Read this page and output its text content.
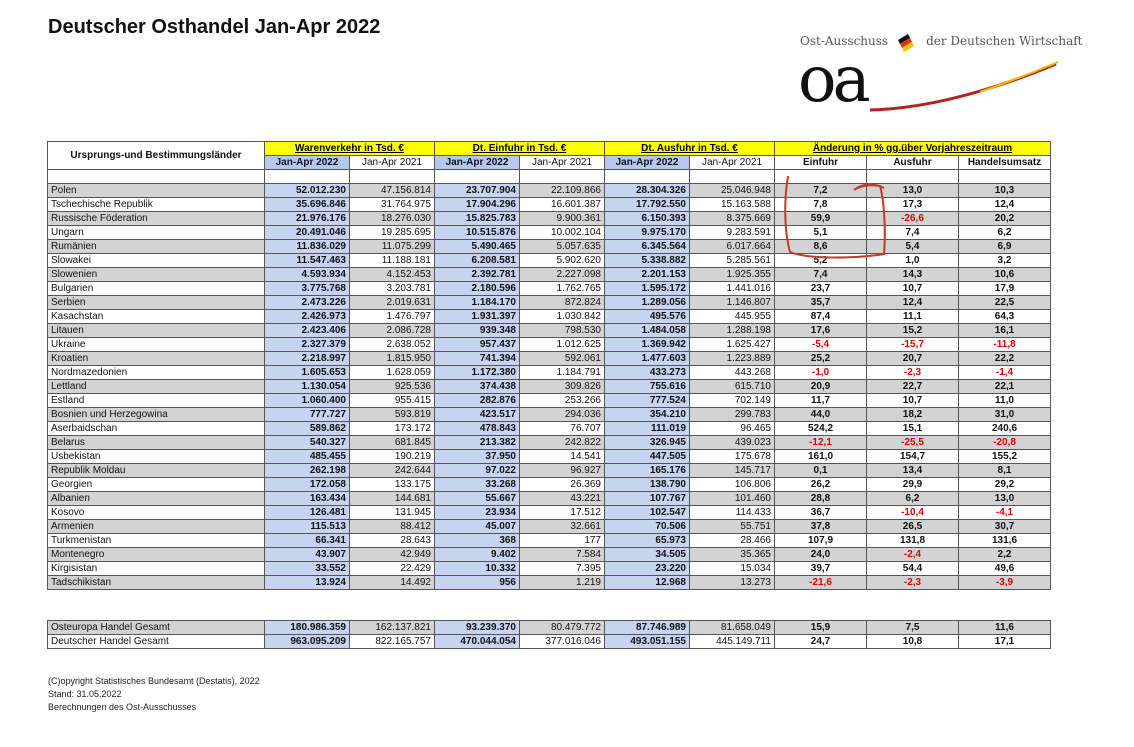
Deutscher Osthandel Jan-Apr 2022
Ost-Ausschuss	der Deutschen Wirtschaft
oa
Ursprungs-und Bestimmungsländer	Warenverkehr in Tsd. €		Dt. Einfuhr in Tsd. €		Dt. Ausfuhr in Tsd. €		Änderung in % gg.über Vorjahreszeitraum		
	Jan-Apr 2022	Jan-Apr 2021	Jan-Apr 2022	Jan-Apr 2021	Jan-Apr 2022	Jan-Apr 2021	Einfuhr	Ausfuhr	Handelsumsatz

Polen	52.012.230	47.156.814	23.707.904	22.109.866	28.304.326	25.046.948	7,2	13,0	10,3
Tschechische Republik	35.696.846	31.764.975	17.904.296	16.601.387	17.792.550	15.163.588	7,8	17,3	12,4
Russische Föderation	21.976.176	18.276.030	15.825.783	9.900.361	6.150.393	8.375.669	59,9	-26,6	20,2
Ungarn	20.491.046	19.285.695	10.515.876	10.002.104	9.975.170	9.283.591	5,1	7,4	6,2
Rumänien	11.836.029	11.075.299	5.490.465	5.057.635	6.345.564	6.017.664	8,6	5,4	6,9
Slowakei	11.547.463	11.188.181	6.208.581	5.902.620	5.338.882	5.285.561	5,2	1,0	3,2
Slowenien	4.593.934	4.152.453	2.392.781	2.227.098	2.201.153	1.925.355	7,4	14,3	10,6
Bulgarien	3.775.768	3.203.781	2.180.596	1.762.765	1.595.172	1.441.016	23,7	10,7	17,9
Serbien	2.473.226	2.019.631	1.184.170	872.824	1.289.056	1.146.807	35,7	12,4	22,5
Kasachstan	2.426.973	1.476.797	1.931.397	1.030.842	495.576	445.955	87,4	11,1	64,3
Litauen	2.423.406	2.086.728	939.348	798.530	1.484.058	1.288.198	17,6	15,2	16,1
Ukraine	2.327.379	2.638.052	957.437	1.012.625	1.369.942	1.625.427	-5,4	-15,7	-11,8
Kroatien	2.218.997	1.815.950	741.394	592.061	1.477.603	1.223.889	25,2	20,7	22,2
Nordmazedonien	1.605.653	1.628.059	1.172.380	1.184.791	433.273	443.268	-1,0	-2,3	-1,4
Lettland	1.130.054	925.536	374.438	309.826	755.616	615.710	20,9	22,7	22,1
Estland	1.060.400	955.415	282.876	253.266	777.524	702.149	11,7	10,7	11,0
Bosnien und Herzegowina	777.727	593.819	423.517	294.036	354.210	299.783	44,0	18,2	31,0
Aserbaidschan	589.862	173.172	478.843	76.707	111.019	96.465	524,2	15,1	240,6
Belarus	540.327	681.845	213.382	242.822	326.945	439.023	-12,1	-25,5	-20,8
Usbekistan	485.455	190.219	37.950	14.541	447.505	175.678	161,0	154,7	155,2
Republik Moldau	262.198	242.644	97.022	96.927	165.176	145.717	0,1	13,4	8,1
Georgien	172.058	133.175	33.268	26.369	138.790	106.806	26,2	29,9	29,2
Albanien	163.434	144.681	55.667	43.221	107.767	101.460	28,8	6,2	13,0
Kosovo	126.481	131.945	23.934	17.512	102.547	114.433	36,7	-10,4	-4,1
Armenien	115.513	88.412	45.007	32.661	70.506	55.751	37,8	26,5	30,7
Turkmenistan	66.341	28.643	368	177	65.973	28.466	107,9	131,8	131,6
Montenegro	43.907	42.949	9.402	7.584	34.505	35.365	24,0	-2,4	2,2
Kirgisistan	33.552	22.429	10.332	7.395	23.220	15.034	39,7	54,4	49,6
Tadschikistan	13.924	14.492	956	1.219	12.968	13.273	-21,6	-2,3	-3,9

Osteuropa Handel Gesamt	180.986.359	162.137.821	93.239.370	80.479.772	87.746.989	81.658.049	15,9	7,5	11,6
Deutscher Handel Gesamt	963.095.209	822.165.757	470.044.054	377.016.046	493.051.155	445.149.711	24,7	10,8	17,1
(C)opyright Statistisches Bundesamt (Destatis), 2022
Stand: 31.05.2022
Berechnungen des Ost-Ausschusses
